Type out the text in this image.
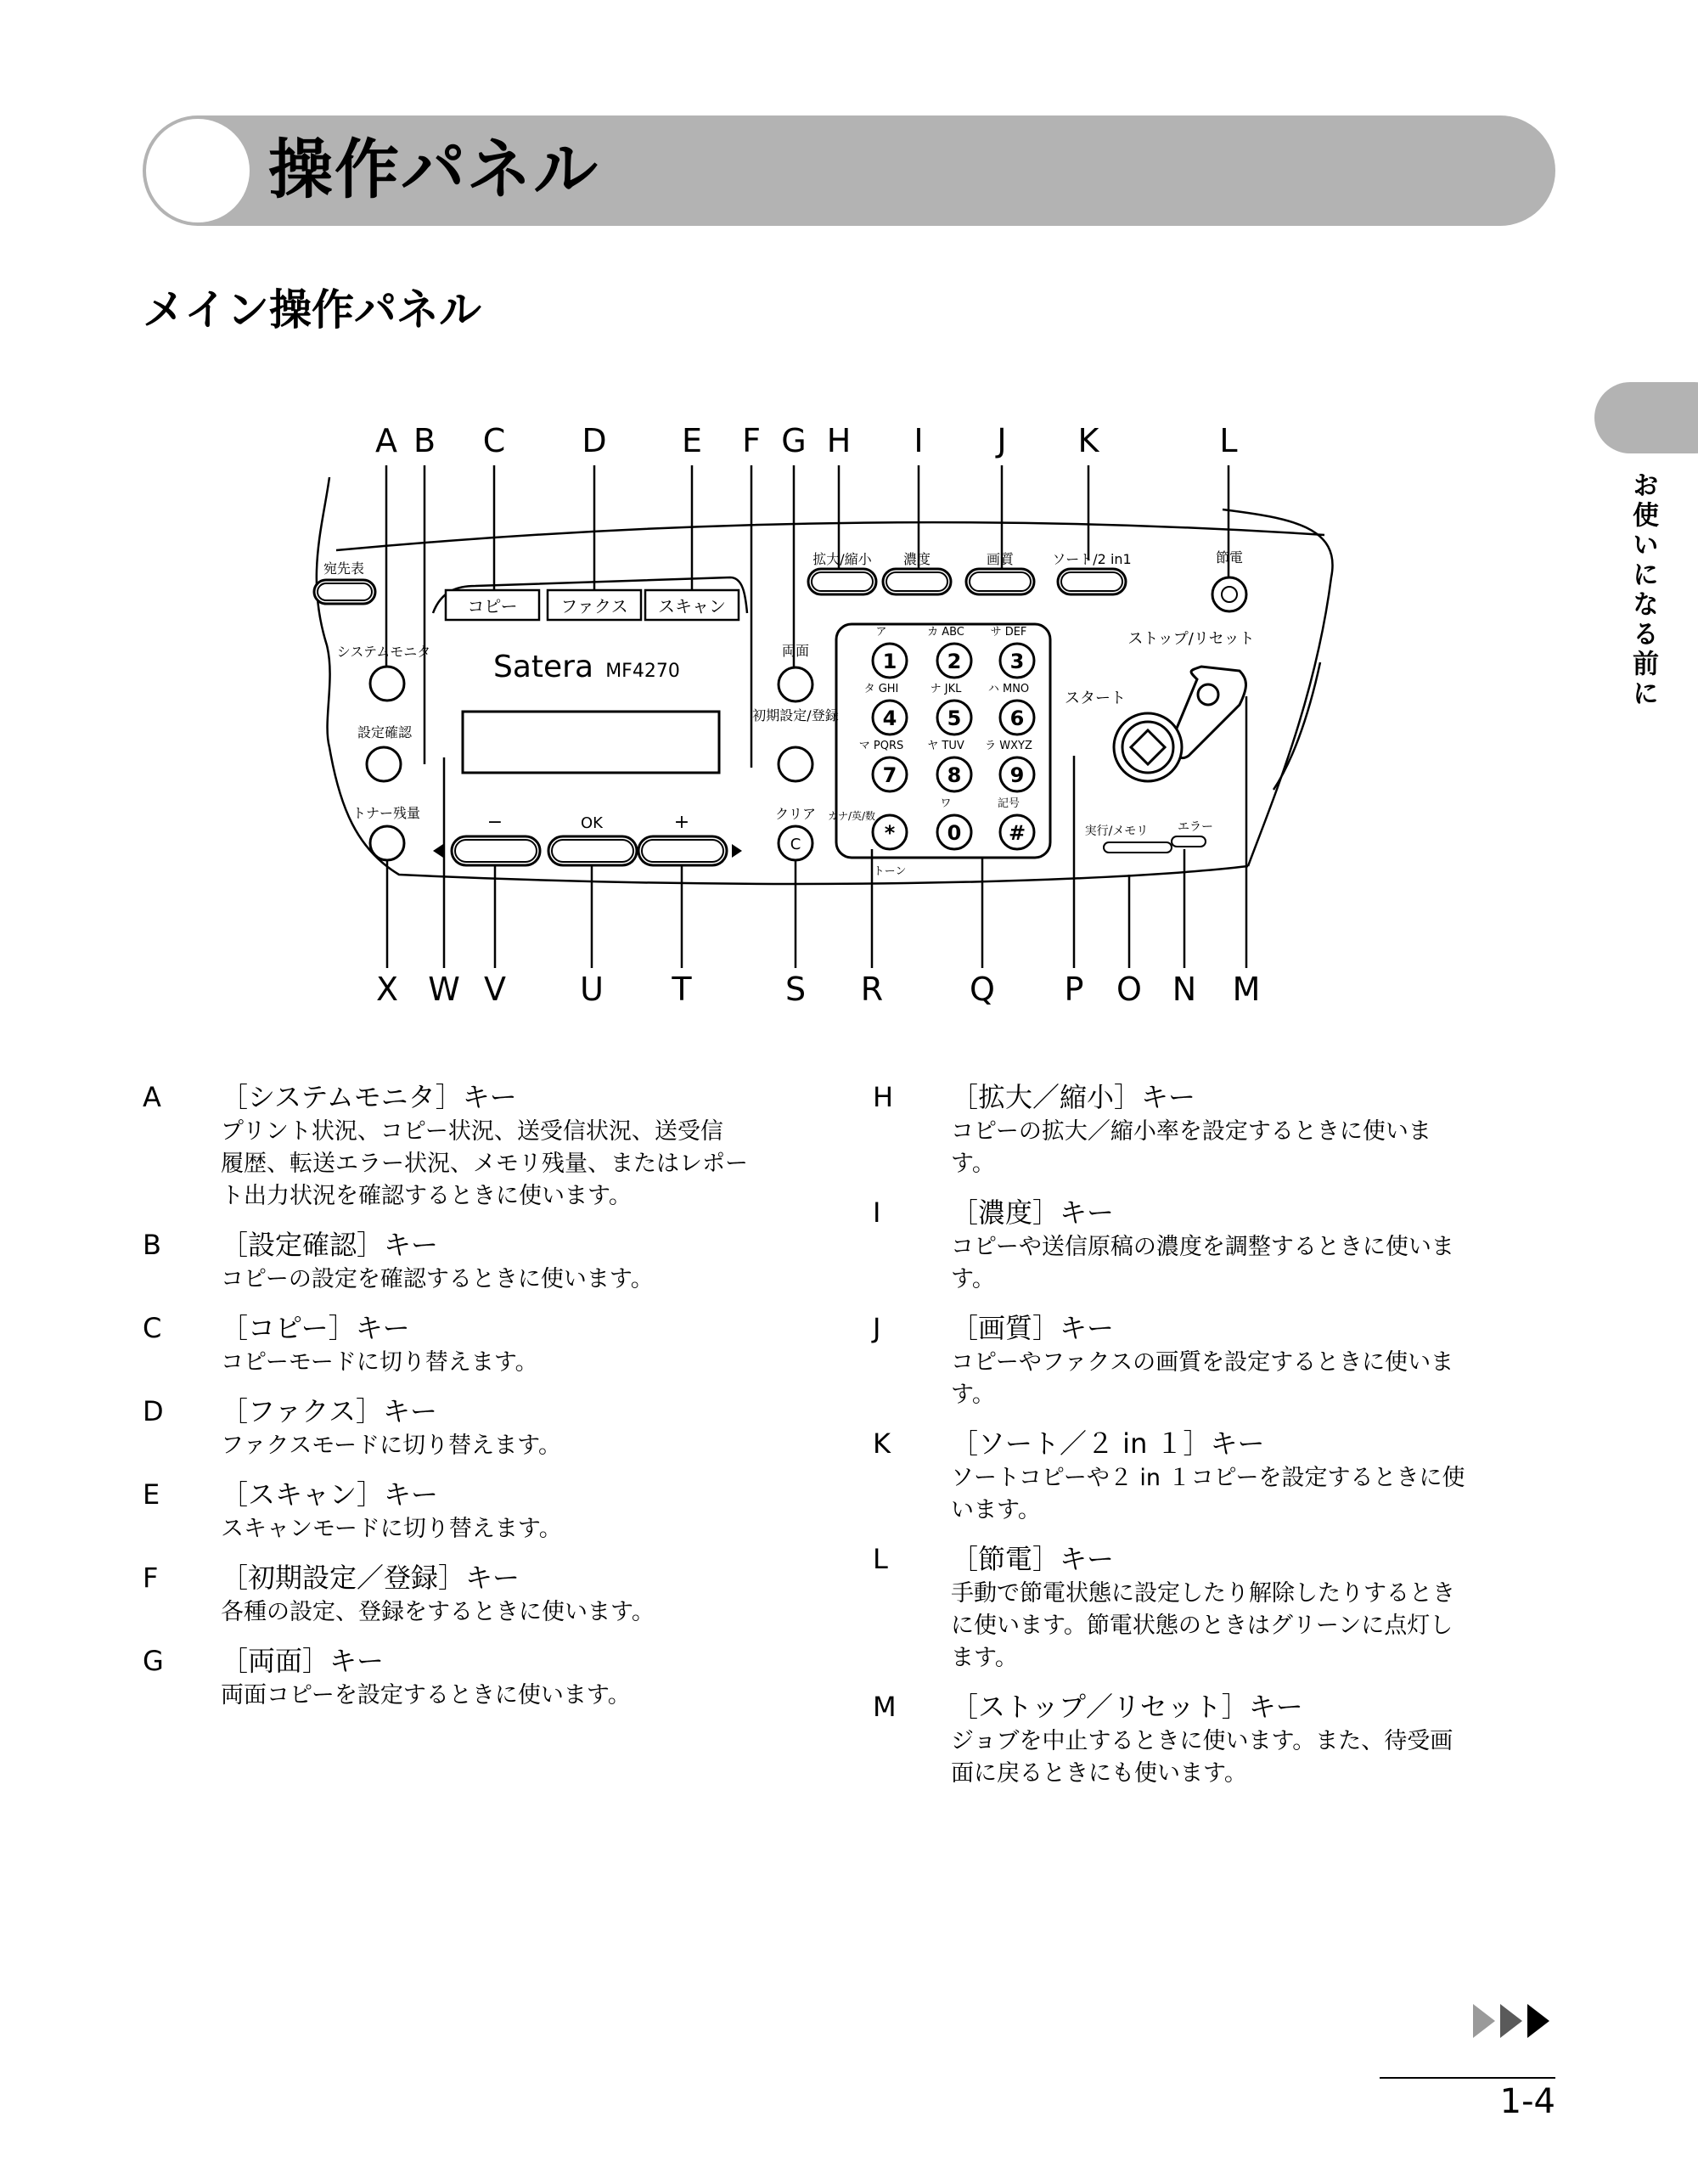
操作パネル
メイン操作パネル
お使いになる前に
A B C D E F G H I J K	L
X W V U T	S R	Q P O N M
コピー	ファクス スキャン
宛先表
システムモニタ
設定確認
トナー残量
Satera MF4270
−	OK	+
拡大/縮小 濃度	画質	ソート/2 in1	節電
両面
初期設定/登録
クリア
C
ア
1
カ ABC
2
サ DEF
3
タ GHI
4
ナ JKL
5
ハ MNO
6
マ PQRS
7
ヤ TUV
8
ラ WXYZ
9
*
ワ
0
記号
#
カナ/英/数
トーン
ストップ/リセット
スタート
実行/メモリ エラー
A ［システムモニタ］キー
プリント状況、コピー状況、送受信状況、送受信
履歴、転送エラー状況、メモリ残量、またはレポー
ト出力状況を確認するときに使います。
B ［設定確認］キー
コピーの設定を確認するときに使います。
C ［コピー］キー
コピーモードに切り替えます。
D ［ファクス］キー
ファクスモードに切り替えます。
E ［スキャン］キー
スキャンモードに切り替えます。
F ［初期設定／登録］キー
各種の設定、登録をするときに使います。
G ［両面］キー
両面コピーを設定するときに使います。
H ［拡大／縮小］キー
コピーの拡大／縮小率を設定するときに使いま
す。
I	［濃度］キー
コピーや送信原稿の濃度を調整するときに使いま
す。
J	［画質］キー
コピーやファクスの画質を設定するときに使いま
す。
K ［ソート／２ in １］キー
ソートコピーや２ in １コピーを設定するときに使
います。
L ［節電］キー
手動で節電状態に設定したり解除したりするとき
に使います。節電状態のときはグリーンに点灯し
ます。
M ［ストップ／リセット］キー
ジョブを中止するときに使います。また、待受画
面に戻るときにも使います。
1-4
